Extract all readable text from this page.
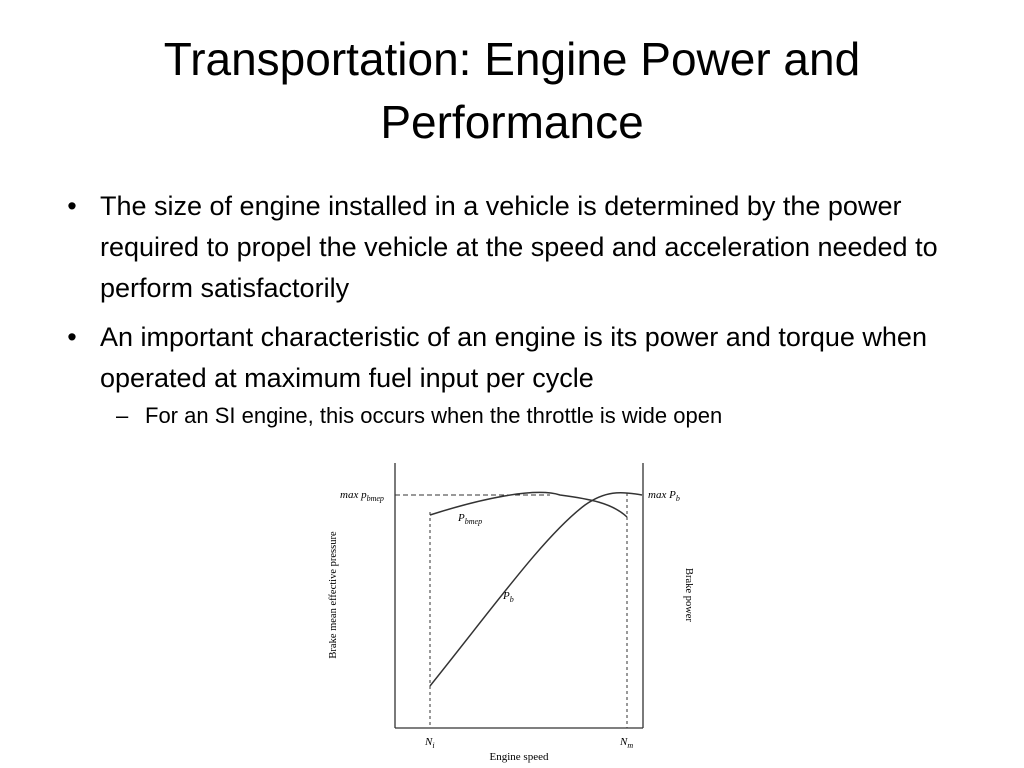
Transportation: Engine Power and
Performance
• The size of engine installed in a vehicle is determined by the power required to propel the vehicle at the speed and acceleration needed to perform satisfactorily
• An important characteristic of an engine is its power and torque when operated at maximum fuel input per cycle
– For an SI engine, this occurs when the throttle is wide open
$\max p_{bmep}$	$\max P_b$
$P_{bmep}$
$P_b$
Brake mean effective pressure	Brake power
Engine speed
$N_i$	$N_m$
